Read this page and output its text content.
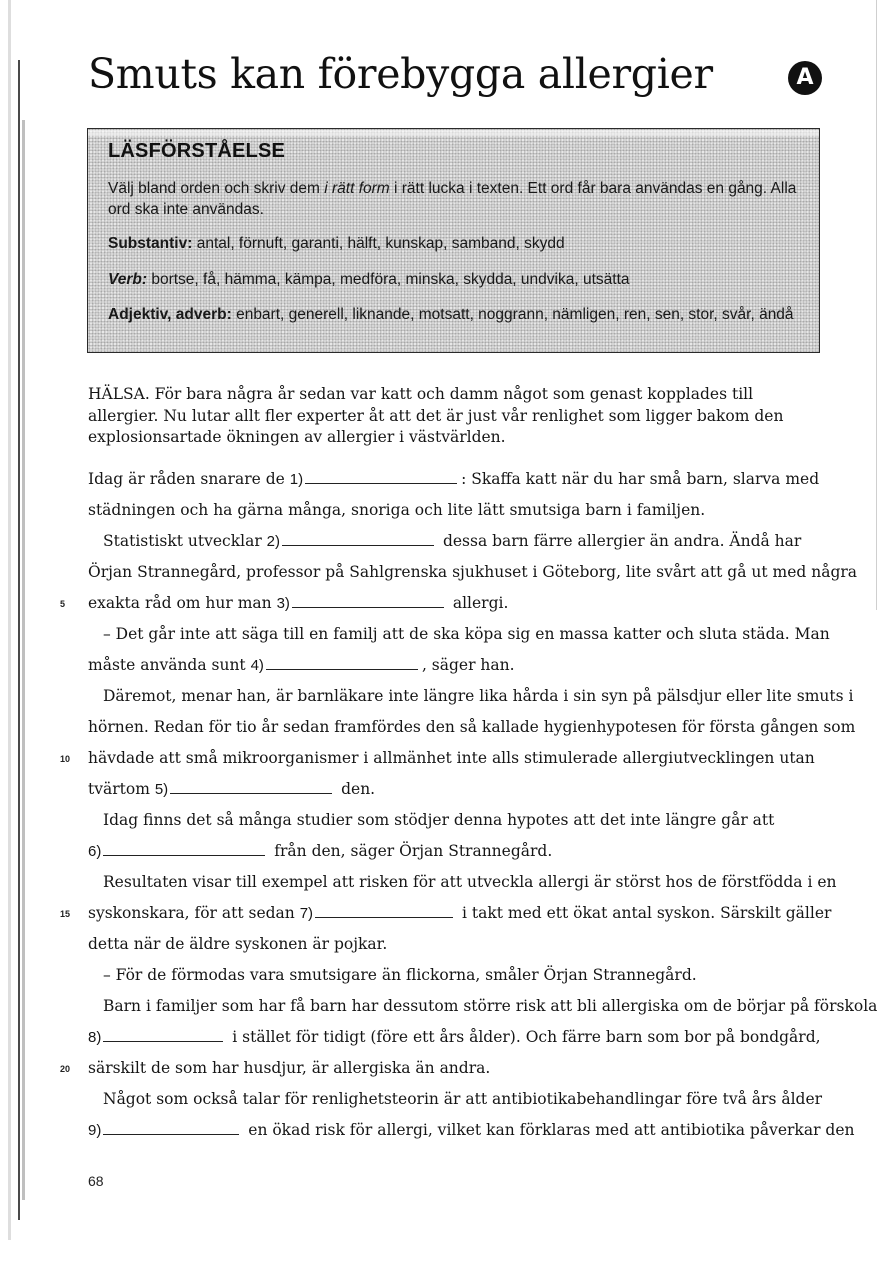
Smuts kan förebygga allergier	A
LÄSFÖRSTÅELSE
Välj bland orden och skriv dem i rätt form i rätt lucka i texten. Ett ord får bara användas en gång. Alla ord ska inte användas.
Substantiv: antal, förnuft, garanti, hälft, kunskap, samband, skydd
Verb: bortse, få, hämma, kämpa, medföra, minska, skydda, undvika, utsätta
Adjektiv, adverb: enbart, generell, liknande, motsatt, noggrann, nämligen, ren, sen, stor, svår, ändå
HÄLSA. För bara några år sedan var katt och damm något som genast kopplades till allergier. Nu lutar allt fler experter åt att det är just vår renlighet som ligger bakom den explosionsartade ökningen av allergier i västvärlden.
Idag är råden snarare de 1)	: Skaffa katt när du har små barn, slarva med
städningen och ha gärna många, snoriga och lite lätt smutsiga barn i familjen.
Statistiskt utvecklar 2)	dessa barn färre allergier än andra. Ändå har
Örjan Strannegård, professor på Sahlgrenska sjukhuset i Göteborg, lite svårt att gå ut med några
5	exakta råd om hur man 3)	allergi.
– Det går inte att säga till en familj att de ska köpa sig en massa katter och sluta städa. Man
måste använda sunt 4)	, säger han.
Däremot, menar han, är barnläkare inte längre lika hårda i sin syn på pälsdjur eller lite smuts i
hörnen. Redan för tio år sedan framfördes den så kallade hygienhypotesen för första gången som
10	hävdade att små mikroorganismer i allmänhet inte alls stimulerade allergiutvecklingen utan
tvärtom 5)	den.
Idag finns det så många studier som stödjer denna hypotes att det inte längre går att
6)	från den, säger Örjan Strannegård.
Resultaten visar till exempel att risken för att utveckla allergi är störst hos de förstfödda i en
15	syskonskara, för att sedan 7)	i takt med ett ökat antal syskon. Särskilt gäller
detta när de äldre syskonen är pojkar.
– För de förmodas vara smutsigare än flickorna, småler Örjan Strannegård.
Barn i familjer som har få barn har dessutom större risk att bli allergiska om de börjar på förskola
8)	i stället för tidigt (före ett års ålder). Och färre barn som bor på bondgård,
20	särskilt de som har husdjur, är allergiska än andra.
Något som också talar för renlighetsteorin är att antibiotikabehandlingar före två års ålder
9)	en ökad risk för allergi, vilket kan förklaras med att antibiotika påverkar den
68
